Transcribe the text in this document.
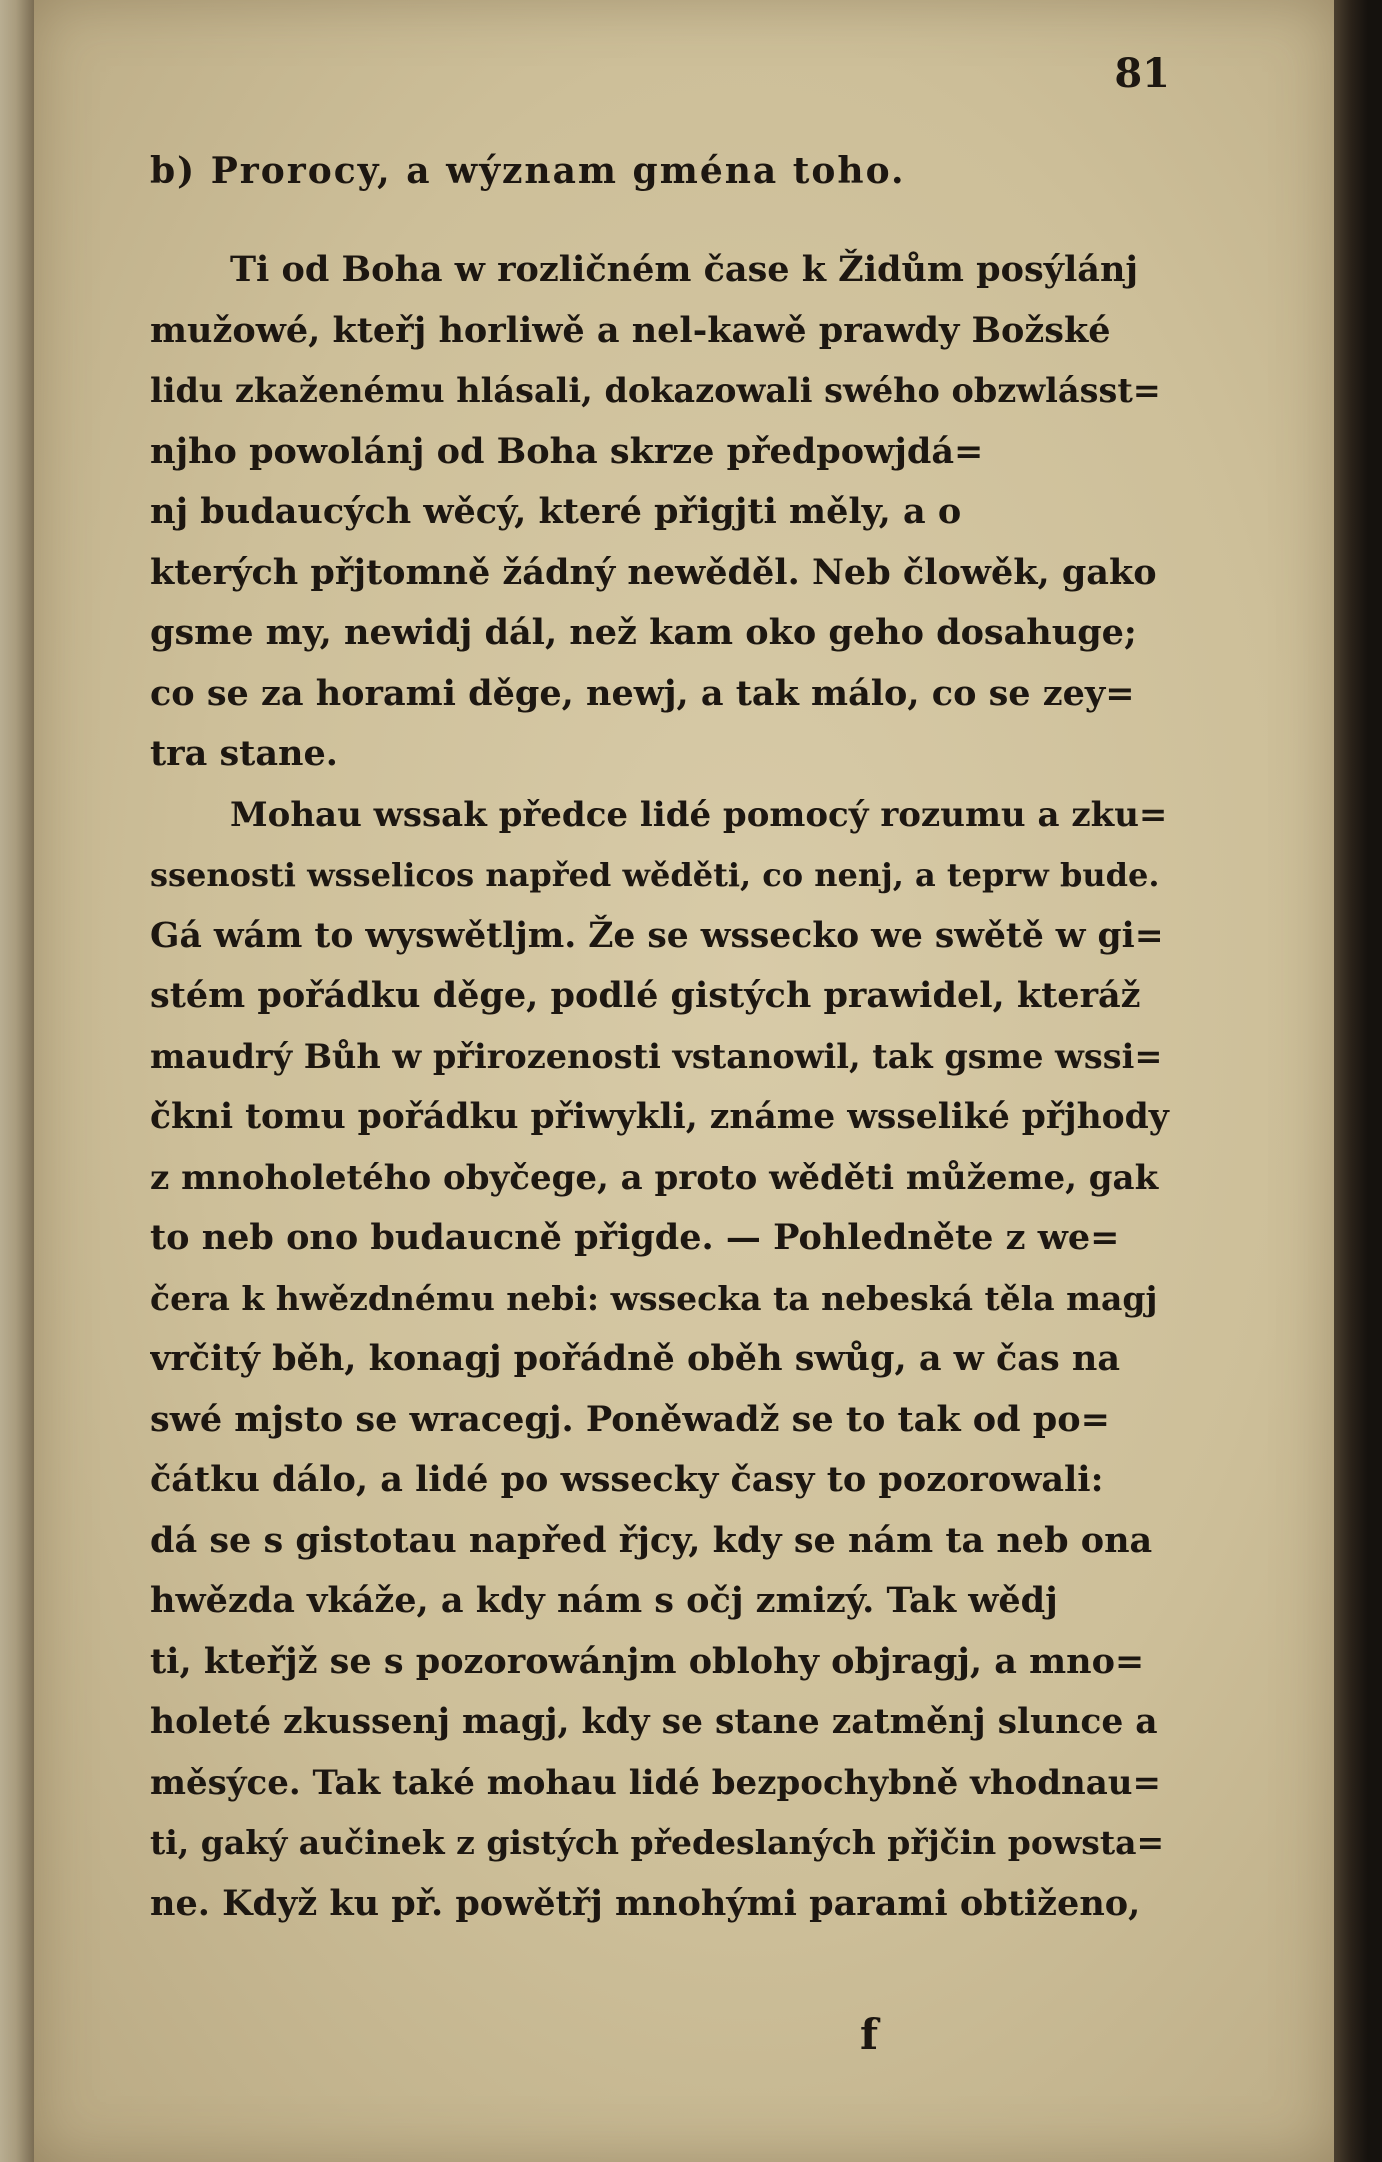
81
b) Prorocy, a wýznam gména toho.
Ti od Boha w rozličném čase k Židům posýlánj
mužowé, kteřj horliwě a nel-kawě prawdy Božské
lidu zkaženému hlásali, dokazowali swého obzwlásst=
njho powolánj od Boha skrze předpowjdá=
nj budaucých wěcý, které přigjti měly, a o
kterých přjtomně žádný newěděl. Neb člowěk, gako
gsme my, newidj dál, než kam oko geho dosahuge;
co se za horami děge, newj, a tak málo, co se zey=
tra stane.
Mohau wssak předce lidé pomocý rozumu a zku=
ssenosti wsselicos napřed wěděti, co nenj, a teprw bude.
Gá wám to wyswětljm. Že se wssecko we swětě w gi=
stém pořádku děge, podlé gistých prawidel, kteráž
maudrý Bůh w přirozenosti vstanowil, tak gsme wssi=
čkni tomu pořádku přiwykli, známe wsseliké přjhody
z mnoholetého obyčege, a proto wěděti můžeme, gak
to neb ono budaucně přigde. — Pohledněte z we=
čera k hwězdnému nebi: wssecka ta nebeská těla magj
vrčitý běh, konagj pořádně oběh swůg, a w čas na
swé mjsto se wracegj. Poněwadž se to tak od po=
čátku dálo, a lidé po wssecky časy to pozorowali:
dá se s gistotau napřed řjcy, kdy se nám ta neb ona
hwězda vkáže, a kdy nám s očj zmizý. Tak wědj
ti, kteřjž se s pozorowánjm oblohy objragj, a mno=
holeté zkussenj magj, kdy se stane zatměnj slunce a
měsýce. Tak také mohau lidé bezpochybně vhodnau=
ti, gaký aučinek z gistých předeslaných přjčin powsta=
ne. Když ku př. powětřj mnohými parami obtiženo,
f
